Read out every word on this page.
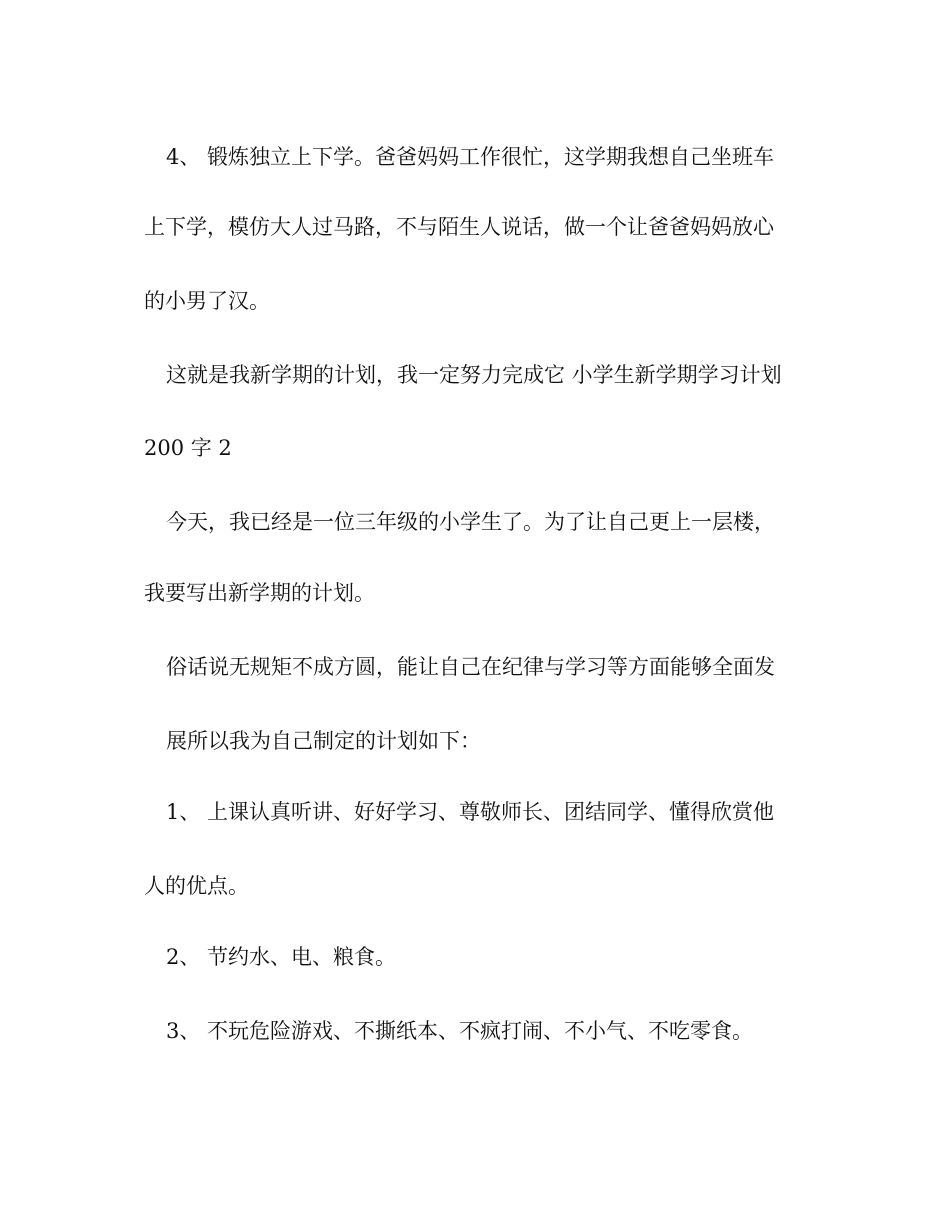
4、 锻炼独立上下学。爸爸妈妈工作很忙，这学期我想自己坐班车

上下学，模仿大人过马路，不与陌生人说话，做一个让爸爸妈妈放心

的小男了汉。

这就是我新学期的计划，我一定努力完成它 小学生新学期学习计划

200 字 2

今天，我已经是一位三年级的小学生了。为了让自己更上一层楼，

我要写出新学期的计划。

俗话说无规矩不成方圆，能让自己在纪律与学习等方面能够全面发

展所以我为自己制定的计划如下：

1、 上课认真听讲、好好学习、尊敬师长、团结同学、懂得欣赏他

人的优点。

2、 节约水、电、粮食。

3、 不玩危险游戏、不撕纸本、不疯打闹、不小气、不吃零食。
